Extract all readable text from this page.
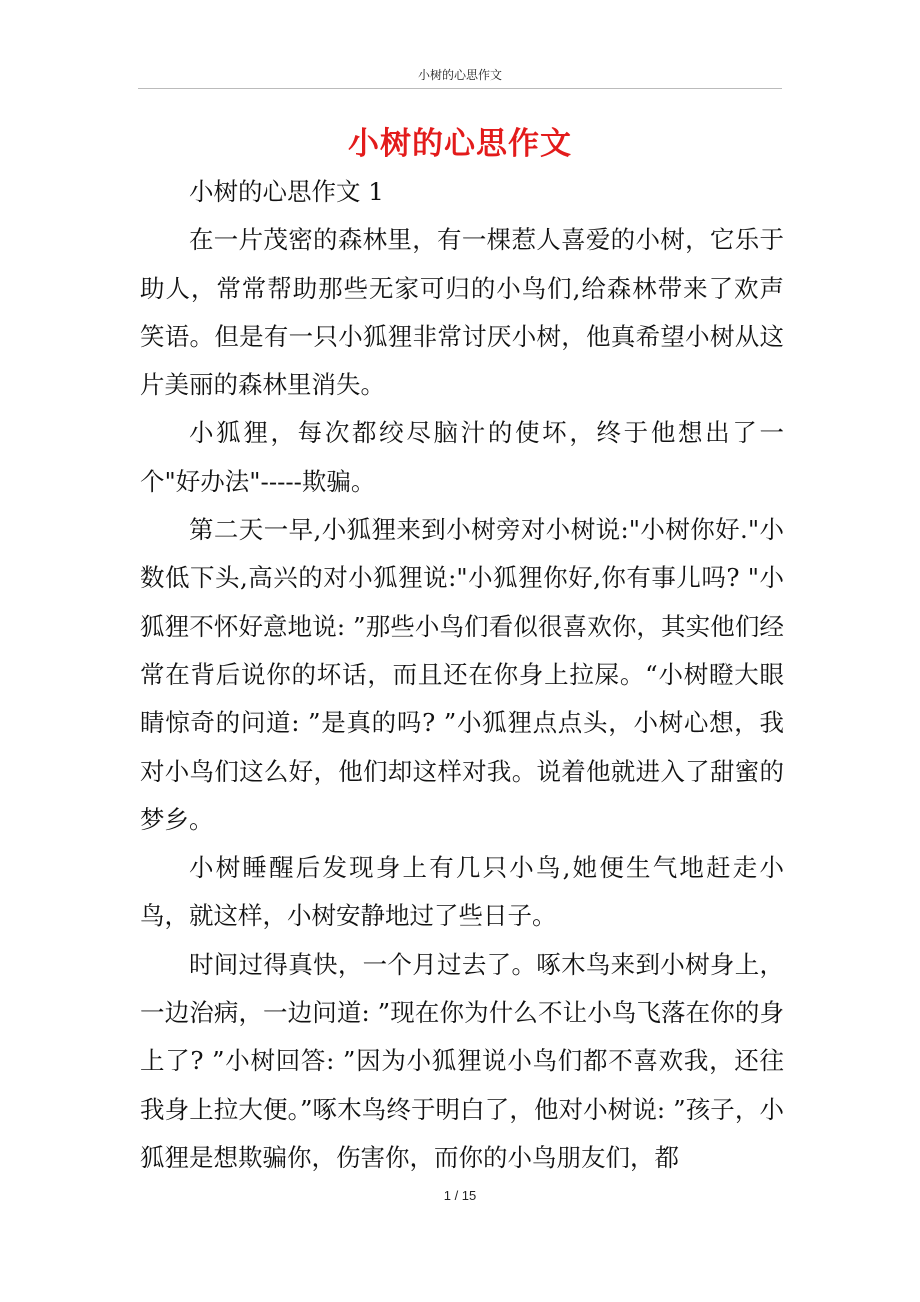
小树的心思作文
小树的心思作文

小树的心思作文 1

在一片茂密的森林里，有一棵惹人喜爱的小树，它乐于助人，常常帮助那些无家可归的小鸟们,给森林带来了欢声笑语。但是有一只小狐狸非常讨厌小树，他真希望小树从这片美丽的森林里消失。

小狐狸，每次都绞尽脑汁的使坏，终于他想出了一个"好办法"-----欺骗。

第二天一早,小狐狸来到小树旁对小树说:"小树你好."小数低下头,高兴的对小狐狸说:"小狐狸你好,你有事儿吗? "小狐狸不怀好意地说: ”那些小鸟们看似很喜欢你，其实他们经常在背后说你的坏话，而且还在你身上拉屎。“小树瞪大眼睛惊奇的问道: ”是真的吗? ”小狐狸点点头，小树心想，我对小鸟们这么好，他们却这样对我。说着他就进入了甜蜜的梦乡。

小树睡醒后发现身上有几只小鸟,她便生气地赶走小鸟，就这样，小树安静地过了些日子。

时间过得真快，一个月过去了。啄木鸟来到小树身上，一边治病，一边问道: ”现在你为什么不让小鸟飞落在你的身上了? ”小树回答: ”因为小狐狸说小鸟们都不喜欢我，还往我身上拉大便。”啄木鸟终于明白了，他对小树说: ”孩子，小狐狸是想欺骗你，伤害你，而你的小鸟朋友们，都

1 / 15
